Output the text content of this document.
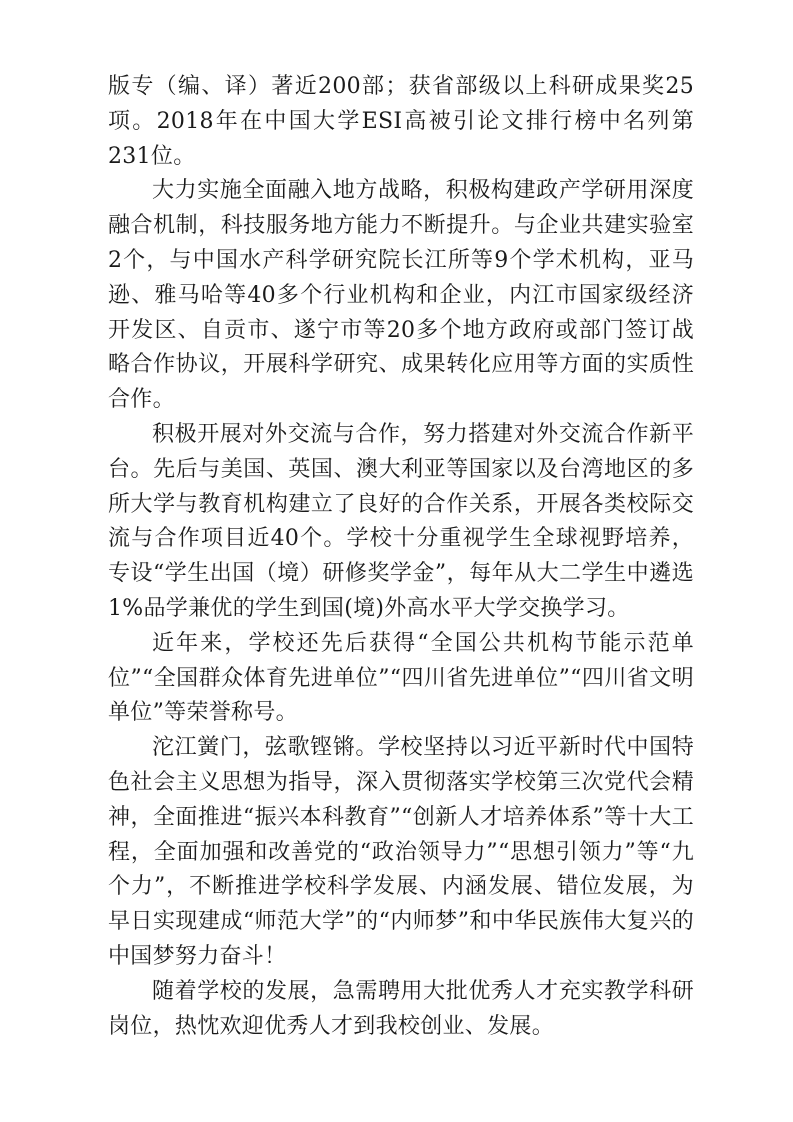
版专（编、译）著近200部；获省部级以上科研成果奖25项。2018年在中国大学ESI高被引论文排行榜中名列第231位。

大力实施全面融入地方战略，积极构建政产学研用深度融合机制，科技服务地方能力不断提升。与企业共建实验室2个，与中国水产科学研究院长江所等9个学术机构，亚马逊、雅马哈等40多个行业机构和企业，内江市国家级经济开发区、自贡市、遂宁市等20多个地方政府或部门签订战略合作协议，开展科学研究、成果转化应用等方面的实质性合作。

积极开展对外交流与合作，努力搭建对外交流合作新平台。先后与美国、英国、澳大利亚等国家以及台湾地区的多所大学与教育机构建立了良好的合作关系，开展各类校际交流与合作项目近40个。学校十分重视学生全球视野培养，专设“学生出国（境）研修奖学金”，每年从大二学生中遴选1%品学兼优的学生到国(境)外高水平大学交换学习。

近年来，学校还先后获得“全国公共机构节能示范单位”“全国群众体育先进单位”“四川省先进单位”“四川省文明单位”等荣誉称号。

沱江黉门，弦歌铿锵。学校坚持以习近平新时代中国特色社会主义思想为指导，深入贯彻落实学校第三次党代会精神，全面推进“振兴本科教育”“创新人才培养体系”等十大工程，全面加强和改善党的“政治领导力”“思想引领力”等“九个力”，不断推进学校科学发展、内涵发展、错位发展，为早日实现建成“师范大学”的“内师梦”和中华民族伟大复兴的中国梦努力奋斗！

随着学校的发展，急需聘用大批优秀人才充实教学科研岗位，热忱欢迎优秀人才到我校创业、发展。
